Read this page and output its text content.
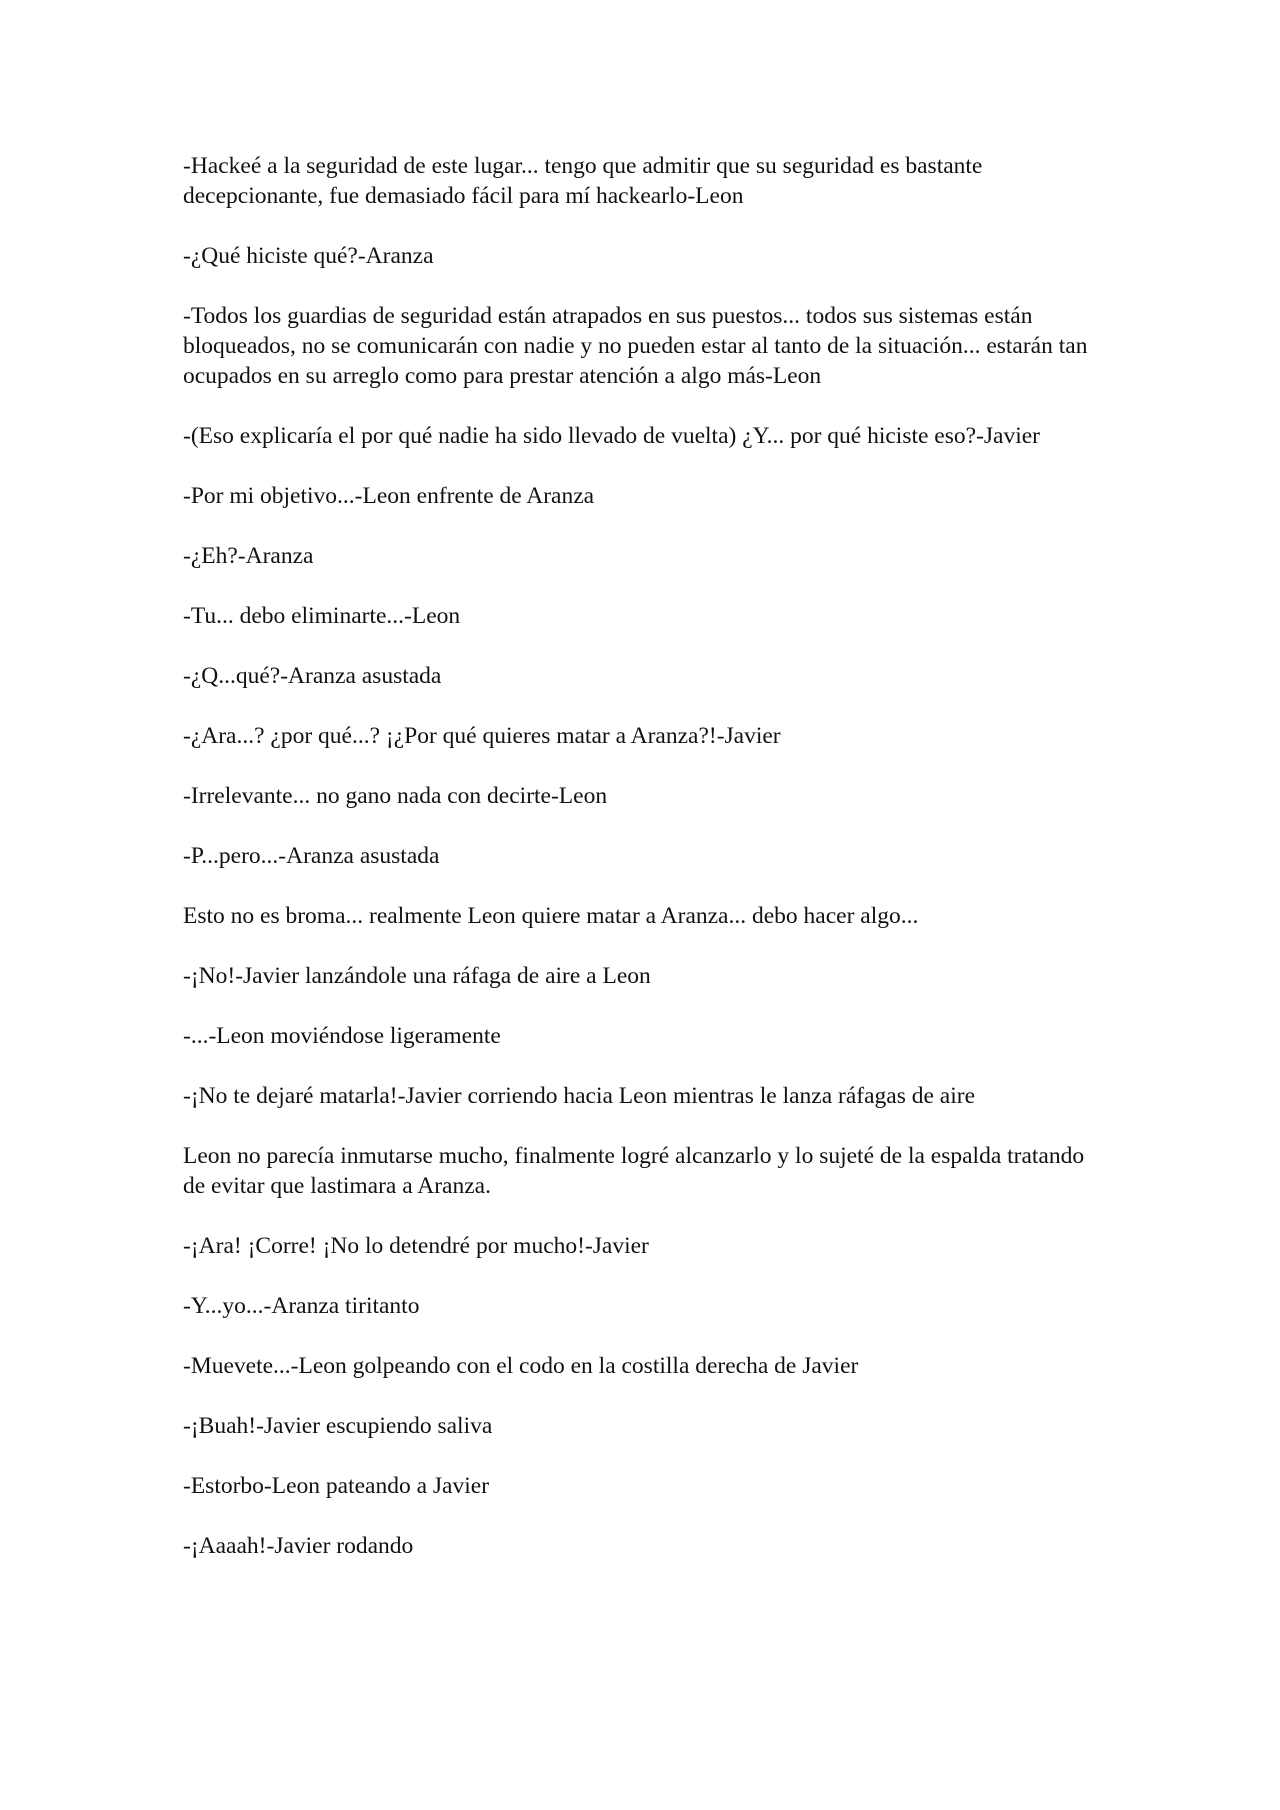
-Hackeé a la seguridad de este lugar... tengo que admitir que su seguridad es bastante decepcionante, fue demasiado fácil para mí hackearlo-Leon

-¿Qué hiciste qué?-Aranza

-Todos los guardias de seguridad están atrapados en sus puestos... todos sus sistemas están bloqueados, no se comunicarán con nadie y no pueden estar al tanto de la situación... estarán tan ocupados en su arreglo como para prestar atención a algo más-Leon

-(Eso explicaría el por qué nadie ha sido llevado de vuelta) ¿Y... por qué hiciste eso?-Javier

-Por mi objetivo...-Leon enfrente de Aranza

-¿Eh?-Aranza

-Tu... debo eliminarte...-Leon

-¿Q...qué?-Aranza asustada

-¿Ara...? ¿por qué...? ¡¿Por qué quieres matar a Aranza?!-Javier

-Irrelevante... no gano nada con decirte-Leon

-P...pero...-Aranza asustada

Esto no es broma... realmente Leon quiere matar a Aranza... debo hacer algo...

-¡No!-Javier lanzándole una ráfaga de aire a Leon

-...-Leon moviéndose ligeramente

-¡No te dejaré matarla!-Javier corriendo hacia Leon mientras le lanza ráfagas de aire

Leon no parecía inmutarse mucho, finalmente logré alcanzarlo y lo sujeté de la espalda tratando de evitar que lastimara a Aranza.

-¡Ara! ¡Corre! ¡No lo detendré por mucho!-Javier

-Y...yo...-Aranza tiritanto

-Muevete...-Leon golpeando con el codo en la costilla derecha de Javier

-¡Buah!-Javier escupiendo saliva

-Estorbo-Leon pateando a Javier

-¡Aaaah!-Javier rodando
